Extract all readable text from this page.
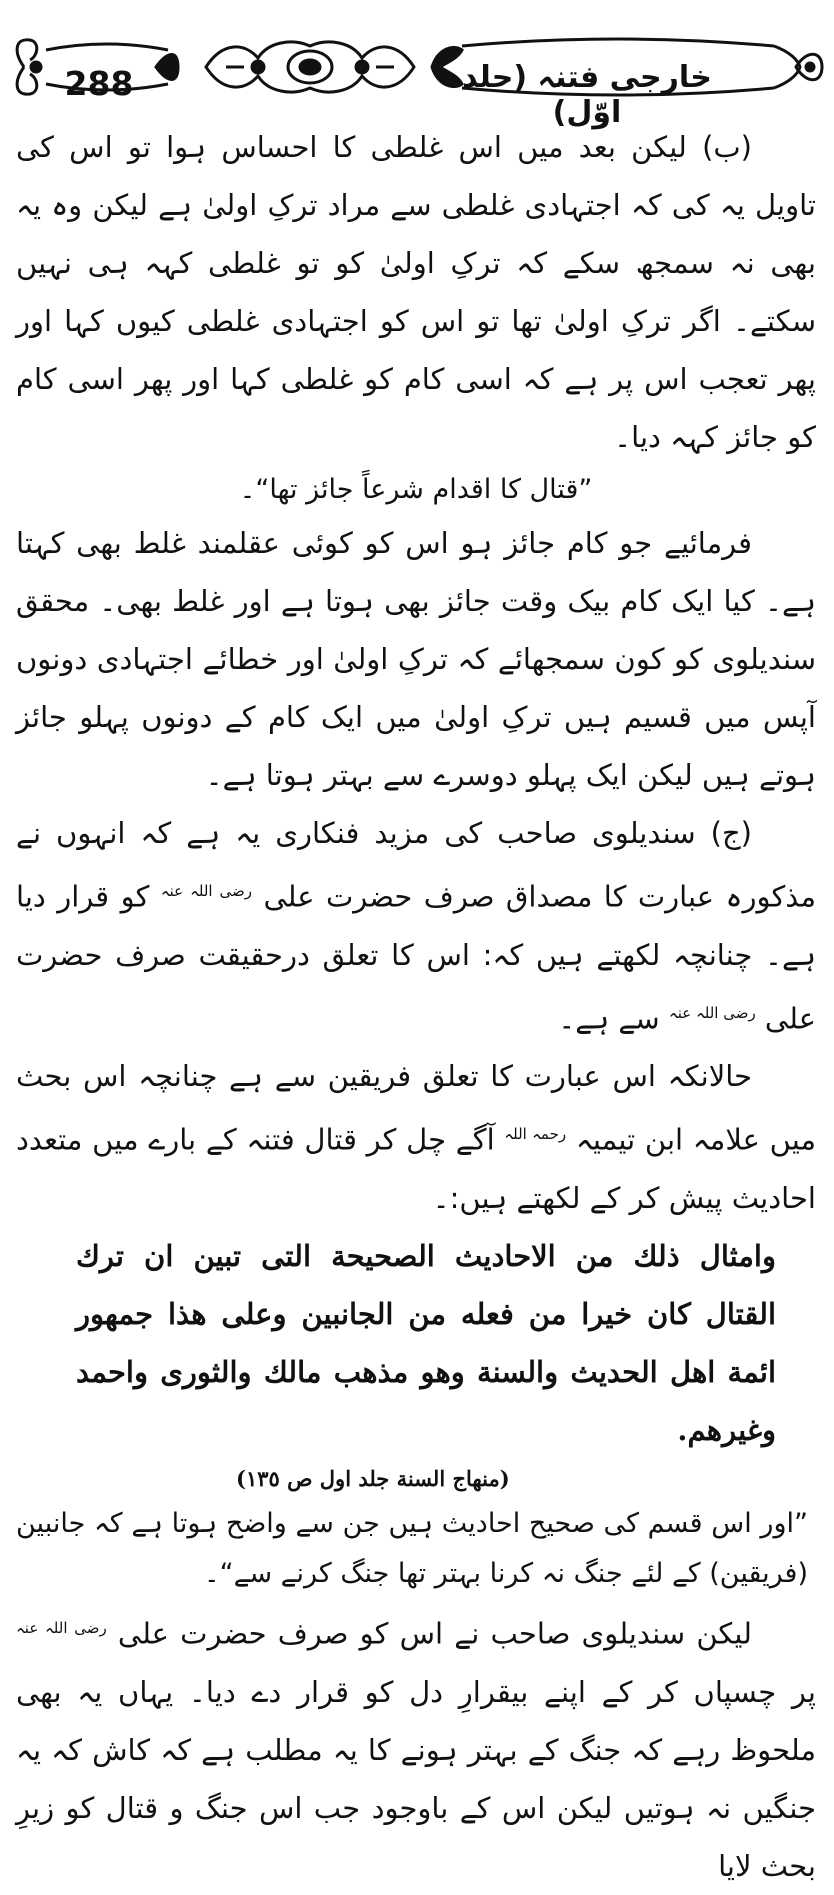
288	خارجی فتنہ (جلد اوّل)

(ب) لیکن بعد میں اس غلطی کا احساس ہوا تو اس کی تاویل یہ کی کہ اجتہادی غلطی سے مراد ترکِ اولیٰ ہے لیکن وہ یہ بھی نہ سمجھ سکے کہ ترکِ اولیٰ کو تو غلطی کہہ ہی نہیں سکتے۔ اگر ترکِ اولیٰ تھا تو اس کو اجتہادی غلطی کیوں کہا اور پھر تعجب اس پر ہے کہ اسی کام کو غلطی کہا اور پھر اسی کام کو جائز کہہ دیا۔

”قتال کا اقدام شرعاً جائز تھا“۔

فرمائیے جو کام جائز ہو اس کو کوئی عقلمند غلط بھی کہتا ہے۔ کیا ایک کام بیک وقت جائز بھی ہوتا ہے اور غلط بھی۔ محقق سندیلوی کو کون سمجھائے کہ ترکِ اولیٰ اور خطائے اجتہادی دونوں آپس میں قسیم ہیں ترکِ اولیٰ میں ایک کام کے دونوں پہلو جائز ہوتے ہیں لیکن ایک پہلو دوسرے سے بہتر ہوتا ہے۔

(ج) سندیلوی صاحب کی مزید فنکاری یہ ہے کہ انہوں نے مذکورہ عبارت کا مصداق صرف حضرت علی $^{رضی اللہ عنہ}$ کو قرار دیا ہے۔ چنانچہ لکھتے ہیں کہ: اس کا تعلق درحقیقت صرف حضرت علی $^{رضی اللہ عنہ}$ سے ہے۔

حالانکہ اس عبارت کا تعلق فریقین سے ہے چنانچہ اس بحث میں علامہ ابن تیمیہ $^{رحمہ اللہ}$ آگے چل کر قتال فتنہ کے بارے میں متعدد احادیث پیش کر کے لکھتے ہیں:۔

وامثال ذلك من الاحاديث الصحيحة التى تبين ان ترك القتال كان خيرا من فعله من الجانبين وعلى هذا جمهور ائمة اهل الحديث والسنة وهو مذهب مالك والثورى واحمد وغيرهم.
(منهاج السنة جلد اول ص ١٣٥)

”اور اس قسم کی صحیح احادیث ہیں جن سے واضح ہوتا ہے کہ جانبین (فریقین) کے لئے جنگ نہ کرنا بہتر تھا جنگ کرنے سے“۔

لیکن سندیلوی صاحب نے اس کو صرف حضرت علی $^{رضی اللہ عنہ}$ پر چسپاں کر کے اپنے بیقرارِ دل کو قرار دے دیا۔ یہاں یہ بھی ملحوظ رہے کہ جنگ کے بہتر ہونے کا یہ مطلب ہے کہ کاش کہ یہ جنگیں نہ ہوتیں لیکن اس کے باوجود جب اس جنگ و قتال کو زیرِ بحث لایا
